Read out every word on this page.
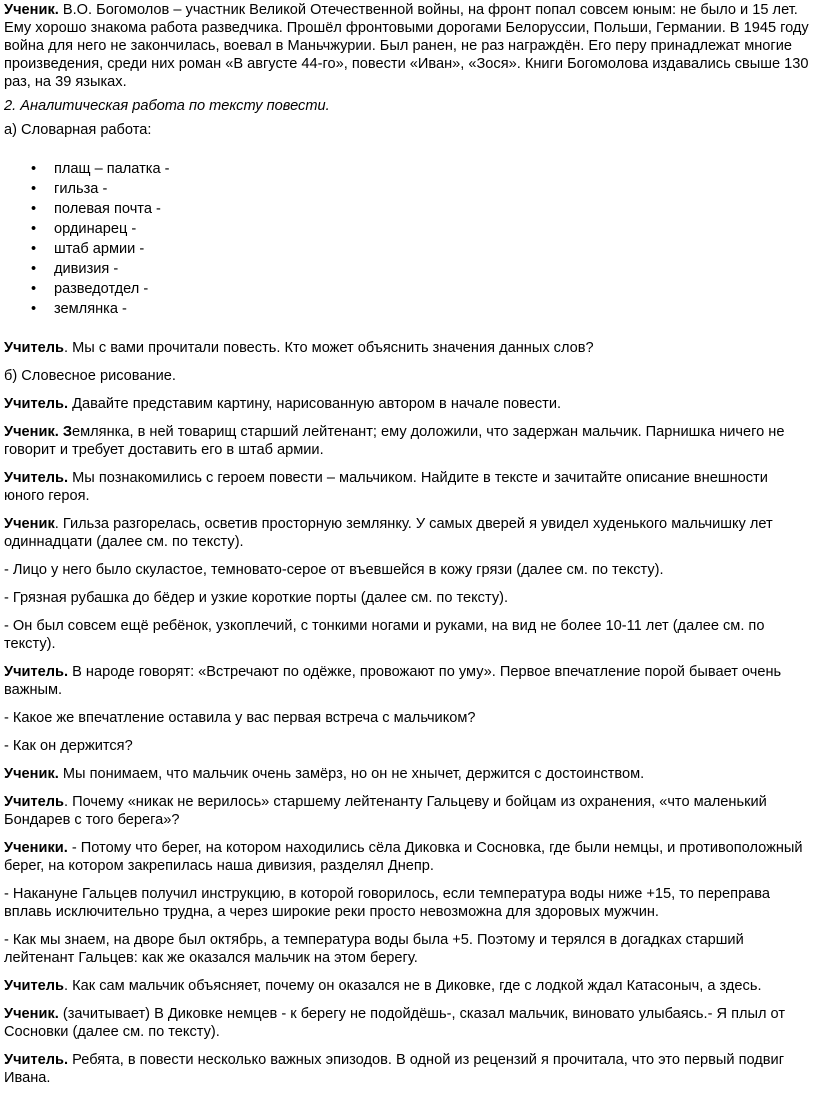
Ученик. В.О. Богомолов – участник Великой Отечественной войны, на фронт попал совсем юным: не было и 15 лет. Ему хорошо знакома работа разведчика. Прошёл фронтовыми дорогами Белоруссии, Польши, Германии. В 1945 году война для него не закончилась, воевал в Маньчжурии. Был ранен, не раз награждён. Его перу принадлежат многие произведения, среди них роман «В августе 44-го», повести «Иван», «Зося». Книги Богомолова издавались свыше 130 раз, на 39 языках.

2. Аналитическая работа по тексту повести.

а) Словарная работа:

• плащ – палатка -
• гильза -
• полевая почта -
• ординарец -
• штаб армии -
• дивизия -
• разведотдел -
• землянка -

Учитель. Мы с вами прочитали повесть. Кто может объяснить значения данных слов?

б) Словесное рисование.

Учитель. Давайте представим картину, нарисованную автором в начале повести.

Ученик. Землянка, в ней товарищ старший лейтенант; ему доложили, что задержан мальчик. Парнишка ничего не говорит и требует доставить его в штаб армии.

Учитель. Мы познакомились с героем повести – мальчиком. Найдите в тексте и зачитайте описание внешности юного героя.

Ученик. Гильза разгорелась, осветив просторную землянку. У самых дверей я увидел худенького мальчишку лет одиннадцати (далее см. по тексту).

- Лицо у него было скуластое, темновато-серое от въевшейся в кожу грязи (далее см. по тексту).

- Грязная рубашка до бёдер и узкие короткие порты (далее см. по тексту).

- Он был совсем ещё ребёнок, узкоплечий, с тонкими ногами и руками, на вид не более 10-11 лет (далее см. по тексту).

Учитель. В народе говорят: «Встречают по одёжке, провожают по уму». Первое впечатление порой бывает очень важным.

- Какое же впечатление оставила у вас первая встреча с мальчиком?

- Как он держится?

Ученик. Мы понимаем, что мальчик очень замёрз, но он не хнычет, держится с достоинством.

Учитель. Почему «никак не верилось» старшему лейтенанту Гальцеву и бойцам из охранения, «что маленький Бондарев с того берега»?

Ученики. - Потому что берег, на котором находились сёла Диковка и Сосновка, где были немцы, и противоположный берег, на котором закрепилась наша дивизия, разделял Днепр.

- Накануне Гальцев получил инструкцию, в которой говорилось, если температура воды ниже +15, то переправа вплавь исключительно трудна, а через широкие реки просто невозможна для здоровых мужчин.

- Как мы знаем, на дворе был октябрь, а температура воды была +5. Поэтому и терялся в догадках старший лейтенант Гальцев: как же оказался мальчик на этом берегу.

Учитель. Как сам мальчик объясняет, почему он оказался не в Диковке, где с лодкой ждал Катасоныч, а здесь.

Ученик. (зачитывает) В Диковке немцев - к берегу не подойдёшь-, сказал мальчик, виновато улыбаясь.- Я плыл от Сосновки (далее см. по тексту).

Учитель. Ребята, в повести несколько важных эпизодов. В одной из рецензий я прочитала, что это первый подвиг Ивана.
